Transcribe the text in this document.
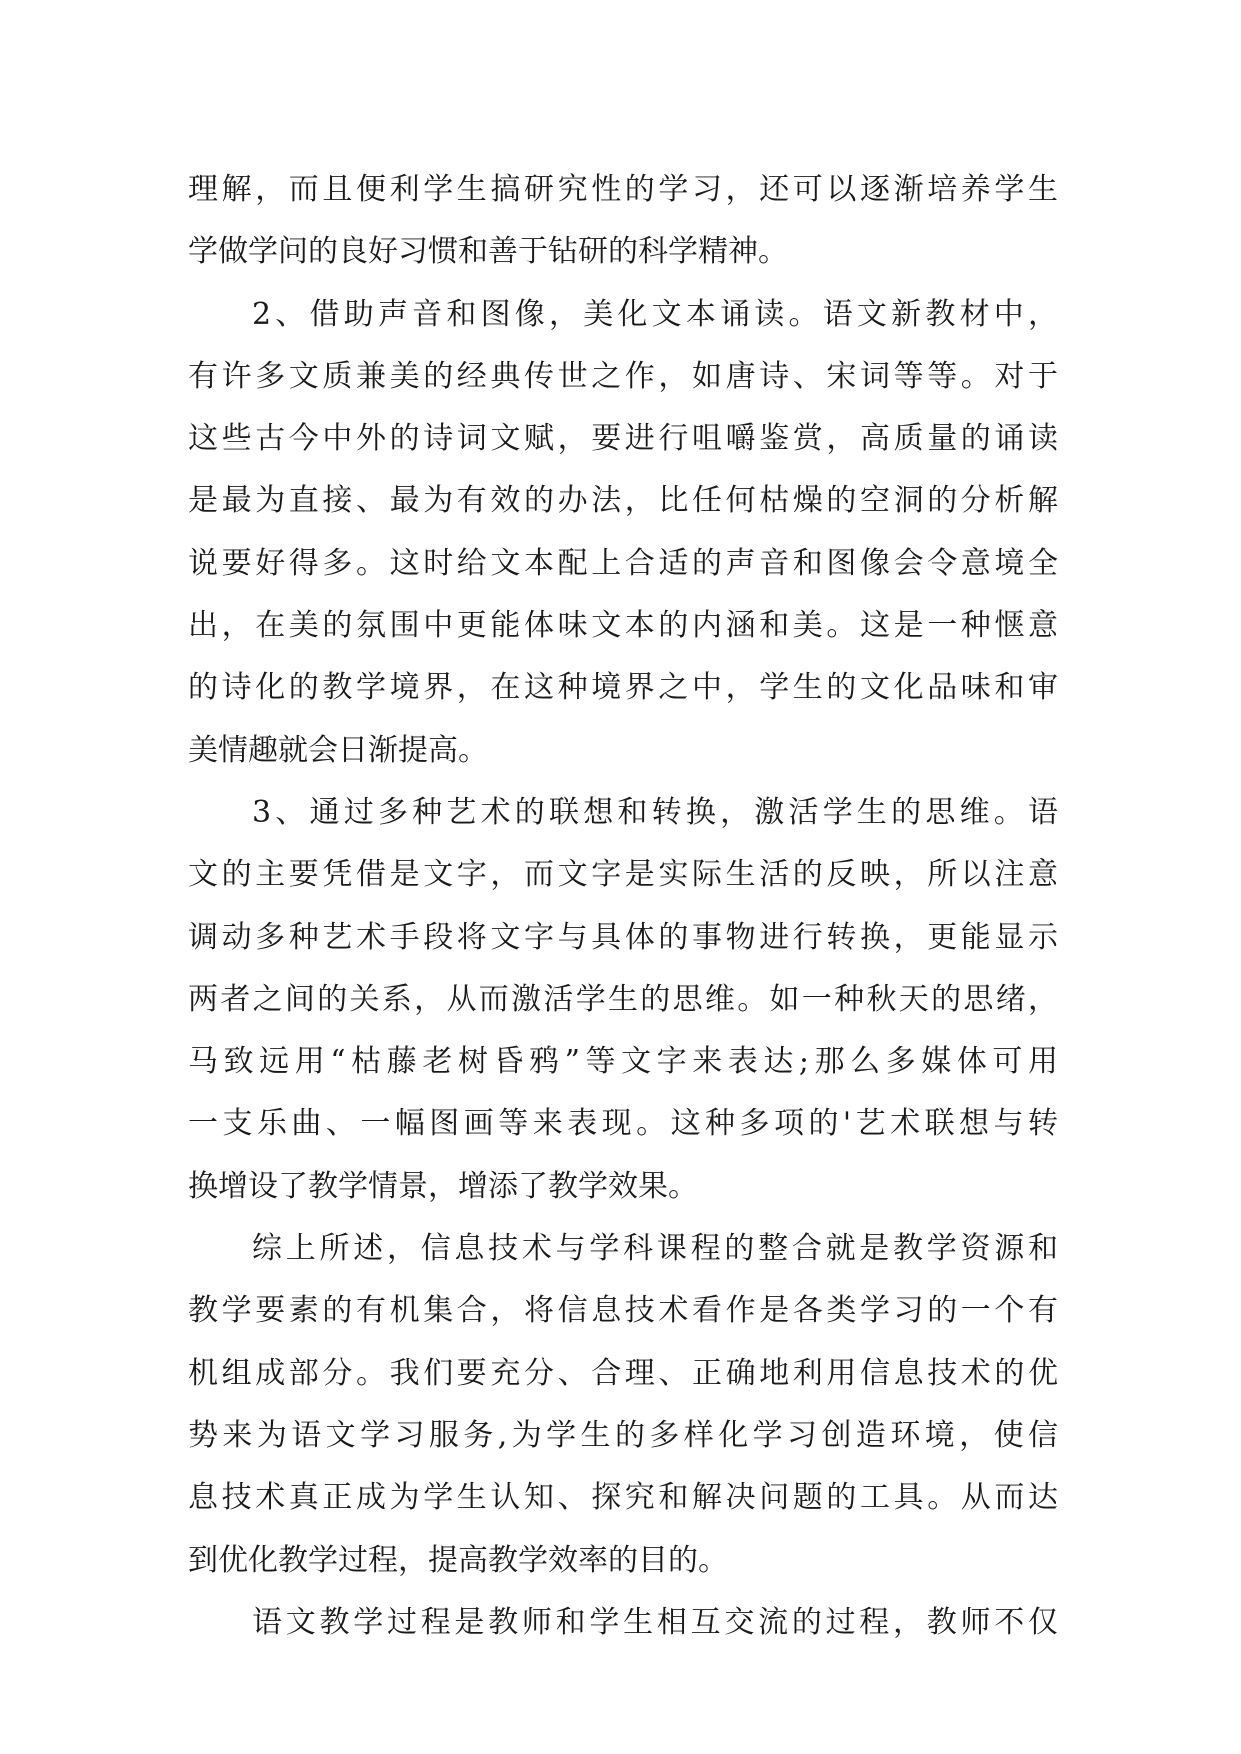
理解，而且便利学生搞研究性的学习，还可以逐渐培养学生
学做学问的良好习惯和善于钻研的科学精神。
2、借助声音和图像，美化文本诵读。语文新教材中，
有许多文质兼美的经典传世之作，如唐诗、宋词等等。对于
这些古今中外的诗词文赋，要进行咀嚼鉴赏，高质量的诵读
是最为直接、最为有效的办法，比任何枯燥的空洞的分析解
说要好得多。这时给文本配上合适的声音和图像会令意境全
出，在美的氛围中更能体味文本的内涵和美。这是一种惬意
的诗化的教学境界，在这种境界之中，学生的文化品味和审
美情趣就会日渐提高。
3、通过多种艺术的联想和转换，激活学生的思维。语
文的主要凭借是文字，而文字是实际生活的反映，所以注意
调动多种艺术手段将文字与具体的事物进行转换，更能显示
两者之间的关系，从而激活学生的思维。如一种秋天的思绪，
马致远用“枯藤老树昏鸦”等文字来表达;那么多媒体可用
一支乐曲、一幅图画等来表现。这种多项的'艺术联想与转
换增设了教学情景，增添了教学效果。
综上所述，信息技术与学科课程的整合就是教学资源和
教学要素的有机集合，将信息技术看作是各类学习的一个有
机组成部分。我们要充分、合理、正确地利用信息技术的优
势来为语文学习服务,为学生的多样化学习创造环境，使信
息技术真正成为学生认知、探究和解决问题的工具。从而达
到优化教学过程，提高教学效率的目的。
语文教学过程是教师和学生相互交流的过程，教师不仅
